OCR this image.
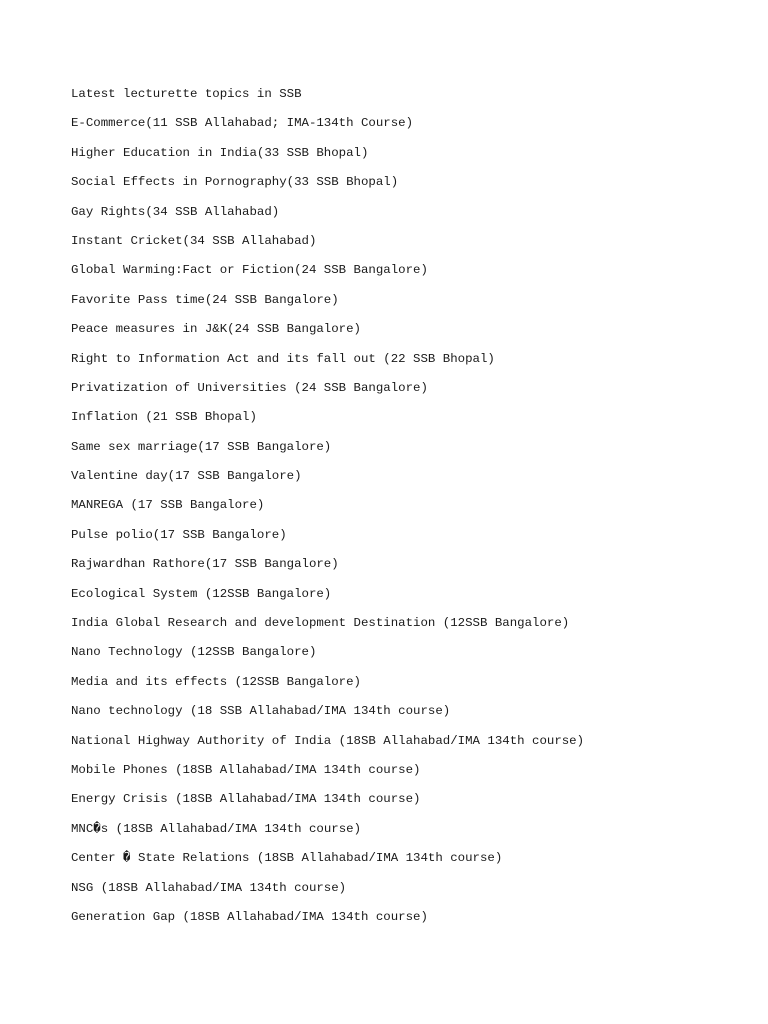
Latest lecturette topics in SSB
E-Commerce(11 SSB Allahabad; IMA-134th Course)
Higher Education in India(33 SSB Bhopal)
Social Effects in Pornography(33 SSB Bhopal)
Gay Rights(34 SSB Allahabad)
Instant Cricket(34 SSB Allahabad)
Global Warming:Fact or Fiction(24 SSB Bangalore)
Favorite Pass time(24 SSB Bangalore)
Peace measures in J&K(24 SSB Bangalore)
Right to Information Act and its fall out (22 SSB Bhopal)
Privatization of Universities (24 SSB Bangalore)
Inflation (21 SSB Bhopal)
Same sex marriage(17 SSB Bangalore)
Valentine day(17 SSB Bangalore)
MANREGA (17 SSB Bangalore)
Pulse polio(17 SSB Bangalore)
Rajwardhan Rathore(17 SSB Bangalore)
Ecological System (12SSB Bangalore)
India Global Research and development Destination (12SSB Bangalore)
Nano Technology (12SSB Bangalore)
Media and its effects (12SSB Bangalore)
Nano technology (18 SSB Allahabad/IMA 134th course)
National Highway Authority of India (18SB Allahabad/IMA 134th course)
Mobile Phones (18SB Allahabad/IMA 134th course)
Energy Crisis (18SB Allahabad/IMA 134th course)
MNC�s (18SB Allahabad/IMA 134th course)
Center � State Relations (18SB Allahabad/IMA 134th course)
NSG (18SB Allahabad/IMA 134th course)
Generation Gap (18SB Allahabad/IMA 134th course)
